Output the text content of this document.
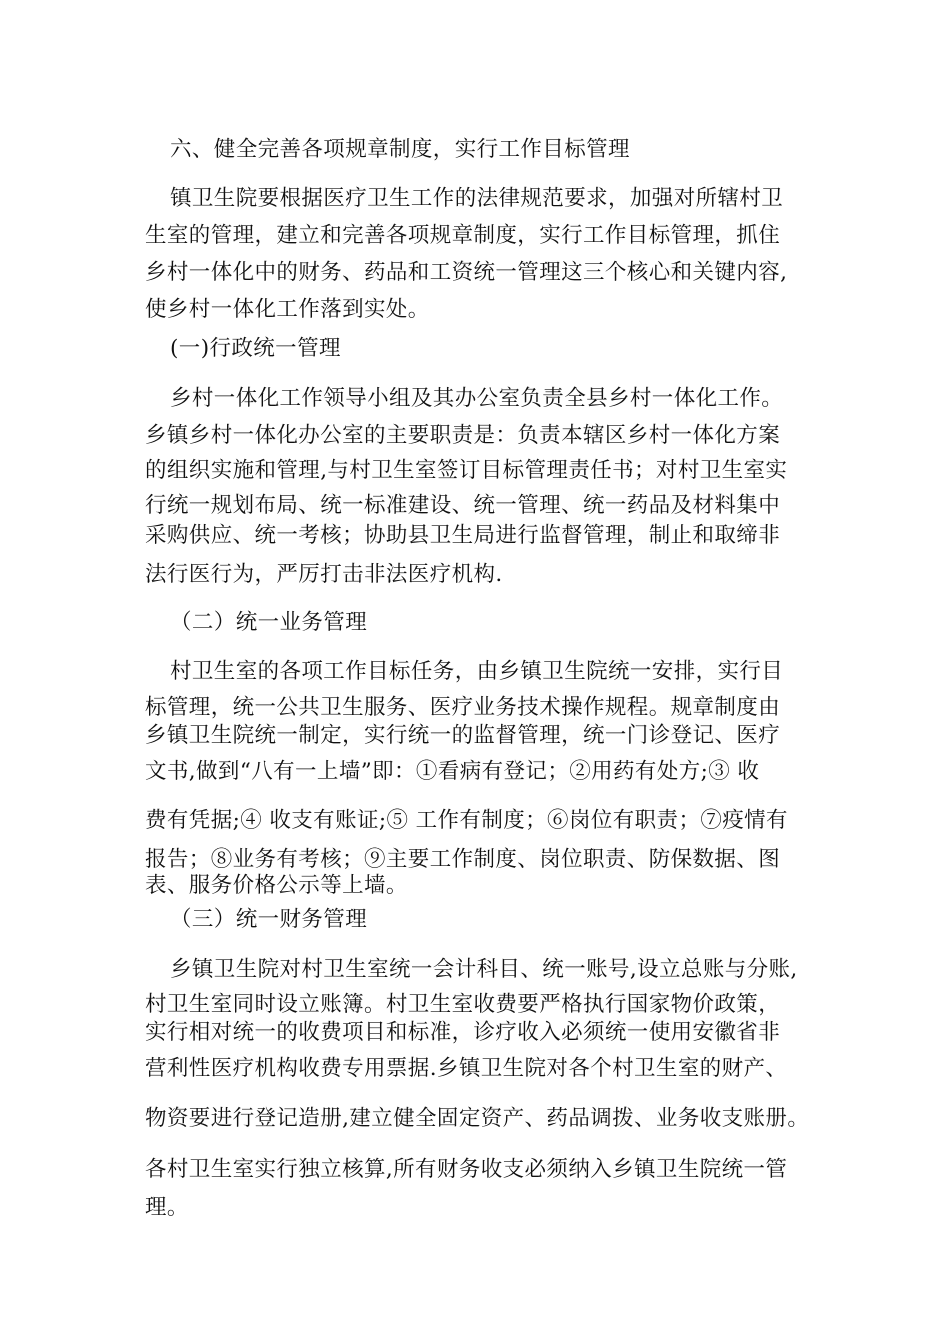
六、健全完善各项规章制度，实行工作目标管理
镇卫生院要根据医疗卫生工作的法律规范要求，加强对所辖村卫
生室的管理，建立和完善各项规章制度，实行工作目标管理，抓住
乡村一体化中的财务、药品和工资统一管理这三个核心和关键内容,
使乡村一体化工作落到实处。
(一)行政统一管理
乡村一体化工作领导小组及其办公室负责全县乡村一体化工作。
乡镇乡村一体化办公室的主要职责是：负责本辖区乡村一体化方案
的组织实施和管理,与村卫生室签订目标管理责任书；对村卫生室实
行统一规划布局、统一标准建设、统一管理、统一药品及材料集中
采购供应、统一考核；协助县卫生局进行监督管理，制止和取缔非
法行医行为，严厉打击非法医疗机构.
（二）统一业务管理
村卫生室的各项工作目标任务，由乡镇卫生院统一安排，实行目
标管理，统一公共卫生服务、医疗业务技术操作规程。规章制度由
乡镇卫生院统一制定，实行统一的监督管理，统一门诊登记、医疗
文书,做到“八有一上墙”即：①看病有登记；②用药有处方;③ 收
费有凭据;④ 收支有账证;⑤ 工作有制度；⑥岗位有职责；⑦疫情有
报告；⑧业务有考核；⑨主要工作制度、岗位职责、防保数据、图
表、服务价格公示等上墙。
（三）统一财务管理
乡镇卫生院对村卫生室统一会计科目、统一账号,设立总账与分账,
村卫生室同时设立账簿。村卫生室收费要严格执行国家物价政策，
实行相对统一的收费项目和标准，诊疗收入必须统一使用安徽省非
营利性医疗机构收费专用票据.乡镇卫生院对各个村卫生室的财产、
物资要进行登记造册,建立健全固定资产、药品调拨、业务收支账册。
各村卫生室实行独立核算,所有财务收支必须纳入乡镇卫生院统一管
理。
